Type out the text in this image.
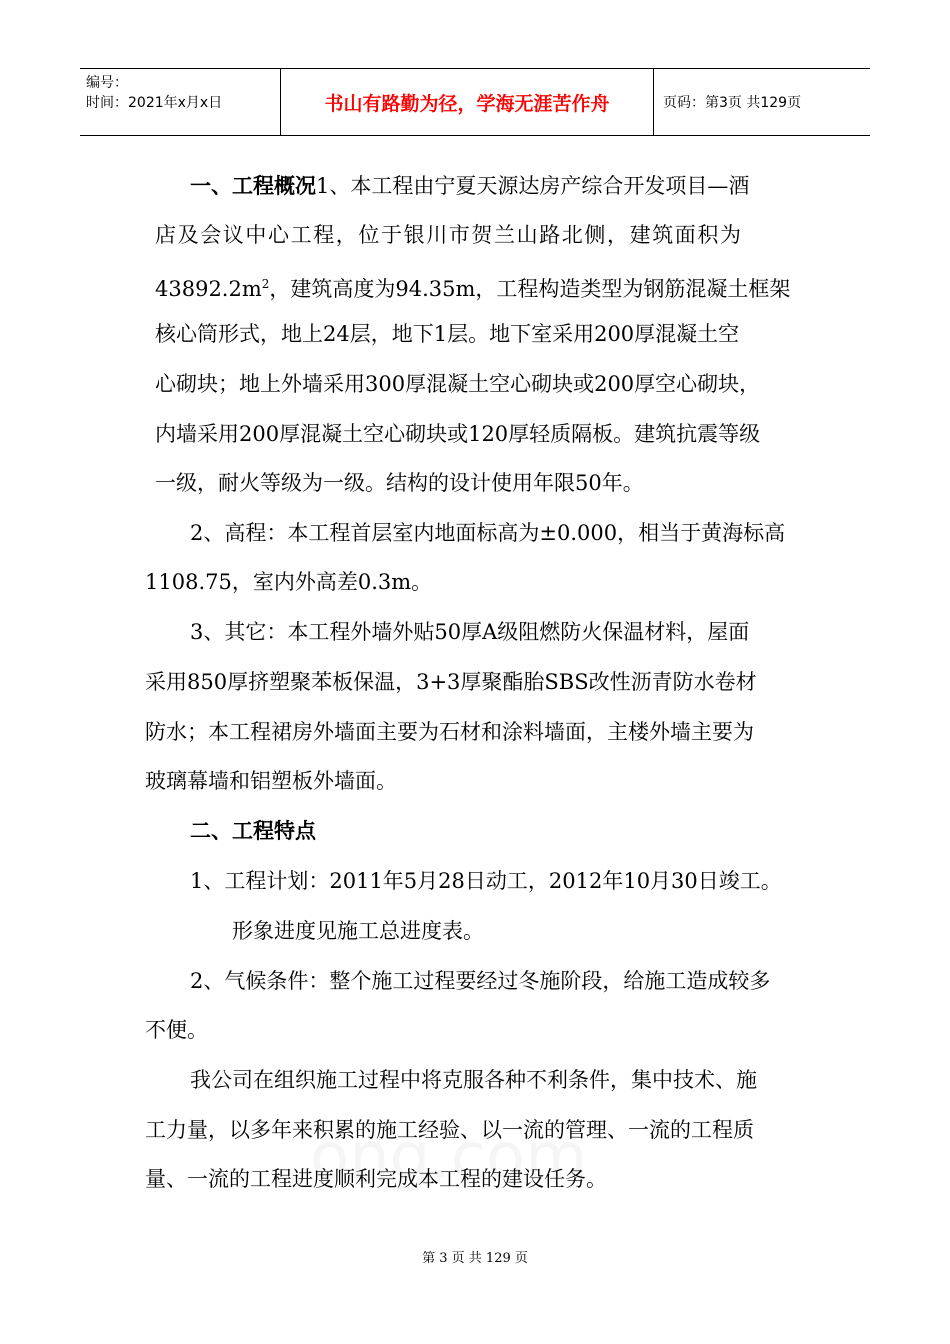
编号：
时间：2021年x月x日	书山有路勤为径，学海无涯苦作舟	页码：第3页 共129页
一、工程概况1、本工程由宁夏天源达房产综合开发项目—酒
店及会议中心工程，位于银川市贺兰山路北侧，建筑面积为
$43892.2m^2$，建筑高度为94.35m，工程构造类型为钢筋混凝土框架
核心筒形式，地上24层，地下1层。地下室采用200厚混凝土空
心砌块；地上外墙采用300厚混凝土空心砌块或200厚空心砌块，
内墙采用200厚混凝土空心砌块或120厚轻质隔板。建筑抗震等级
一级，耐火等级为一级。结构的设计使用年限50年。
2、高程：本工程首层室内地面标高为±0.000，相当于黄海标高
1108.75，室内外高差0.3m。
3、其它：本工程外墙外贴50厚A级阻燃防火保温材料，屋面
采用850厚挤塑聚苯板保温，3+3厚聚酯胎SBS改性沥青防水卷材
防水；本工程裙房外墙面主要为石材和涂料墙面，主楼外墙主要为
玻璃幕墙和铝塑板外墙面。
二、工程特点
1、工程计划：2011年5月28日动工，2012年10月30日竣工。
形象进度见施工总进度表。
2、气候条件：整个施工过程要经过冬施阶段，给施工造成较多
不便。
我公司在组织施工过程中将克服各种不利条件，集中技术、施
工力量，以多年来积累的施工经验、以一流的管理、一流的工程质
量、一流的工程进度顺利完成本工程的建设任务。
第 3 页 共 129 页
